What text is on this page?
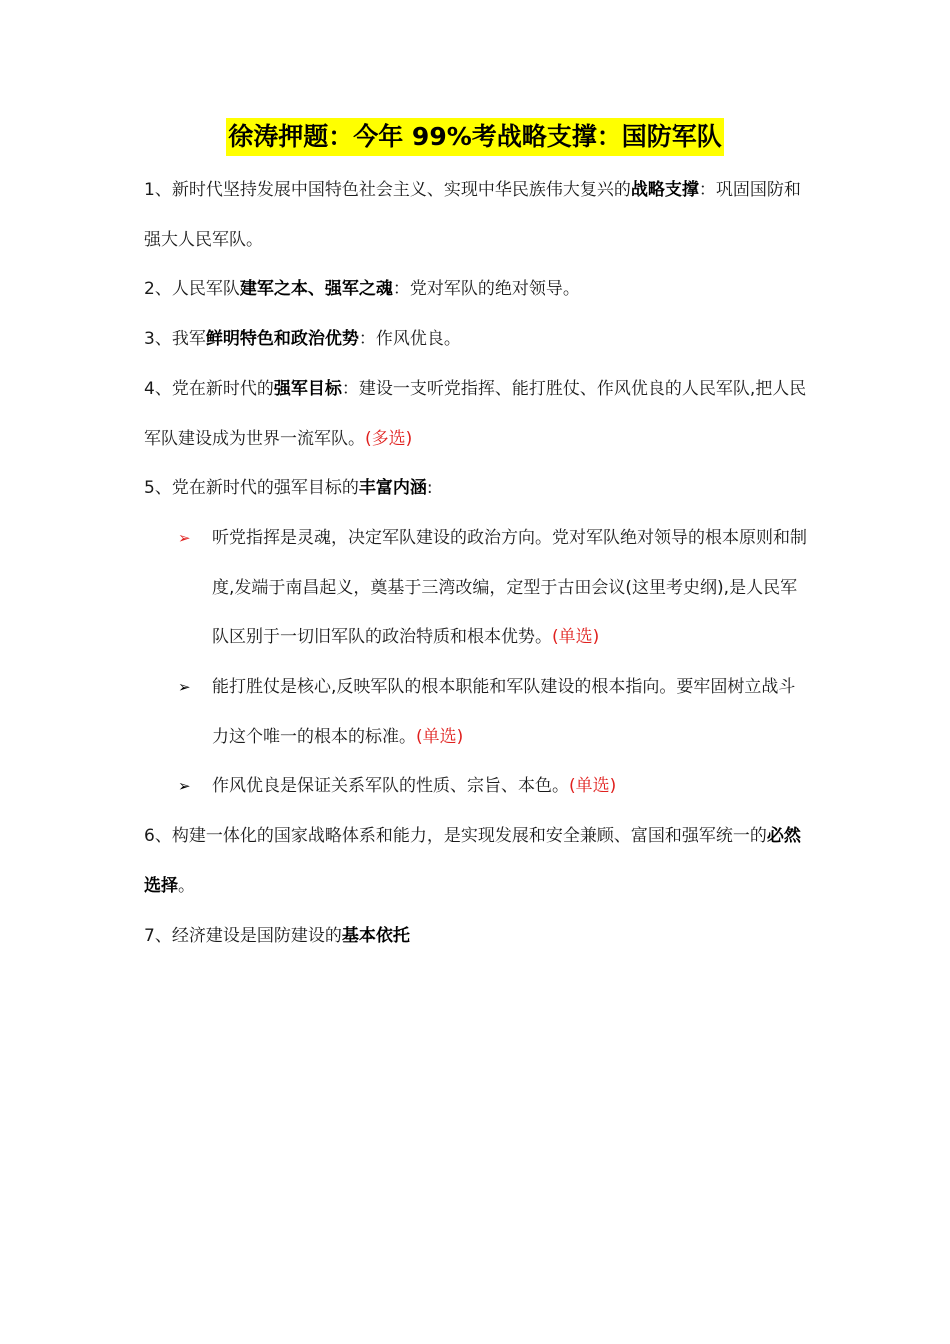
徐涛押题：今年 99%考战略支撑：国防军队

1、新时代坚持发展中国特色社会主义、实现中华民族伟大复兴的战略支撑：巩固国防和强大人民军队。

2、人民军队建军之本、强军之魂：党对军队的绝对领导。

3、我军鲜明特色和政治优势：作风优良。

4、党在新时代的强军目标：建设一支听党指挥、能打胜仗、作风优良的人民军队,把人民军队建设成为世界一流军队。(多选)

5、党在新时代的强军目标的丰富内涵:

➢ 听党指挥是灵魂，决定军队建设的政治方向。党对军队绝对领导的根本原则和制度,发端于南昌起义，奠基于三湾改编，定型于古田会议(这里考史纲),是人民军队区别于一切旧军队的政治特质和根本优势。(单选)
➢ 能打胜仗是核心,反映军队的根本职能和军队建设的根本指向。要牢固树立战斗力这个唯一的根本的标准。(单选)
➢ 作风优良是保证关系军队的性质、宗旨、本色。(单选)

6、构建一体化的国家战略体系和能力，是实现发展和安全兼顾、富国和强军统一的必然选择。

7、经济建设是国防建设的基本依托
